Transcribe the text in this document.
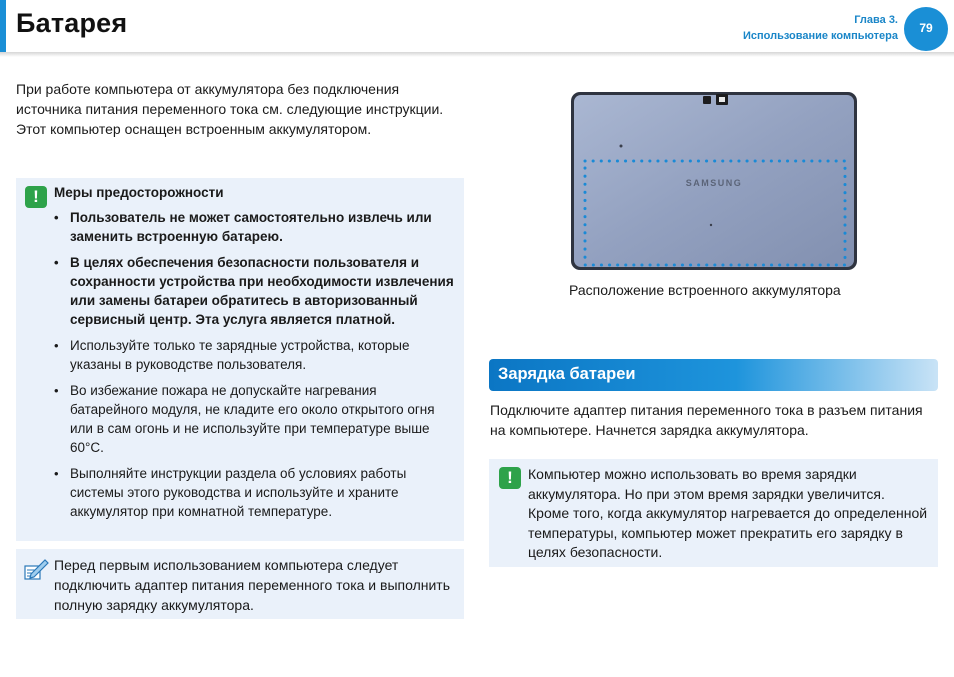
Батарея	Глава 3.
Использование компьютера
79
При работе компьютера от аккумулятора без подключения источника питания переменного тока см. следующие инструкции. Этот компьютер оснащен встроенным аккумулятором.
!	Меры предосторожности
• Пользователь не может самостоятельно извлечь или заменить встроенную батарею.
• В целях обеспечения безопасности пользователя и сохранности устройства при необходимости извлечения или замены батареи обратитесь в авторизованный сервисный центр. Эта услуга является платной.
• Используйте только те зарядные устройства, которые указаны в руководстве пользователя.
• Во избежание пожара не допускайте нагревания батарейного модуля, не кладите его около открытого огня или в сам огонь и не используйте при температуре выше 60°C.
• Выполняйте инструкции раздела об условиях работы системы этого руководства и используйте и храните аккумулятор при комнатной температуре.
Перед первым использованием компьютера следует подключить адаптер питания переменного тока и выполнить полную зарядку аккумулятора.
SAMSUNG
Расположение встроенного аккумулятора
Зарядка батареи
Подключите адаптер питания переменного тока в разъем питания на компьютере. Начнется зарядка аккумулятора.
!	Компьютер можно использовать во время зарядки аккумулятора. Но при этом время зарядки увеличится. Кроме того, когда аккумулятор нагревается до определенной температуры, компьютер может прекратить его зарядку в целях безопасности.
